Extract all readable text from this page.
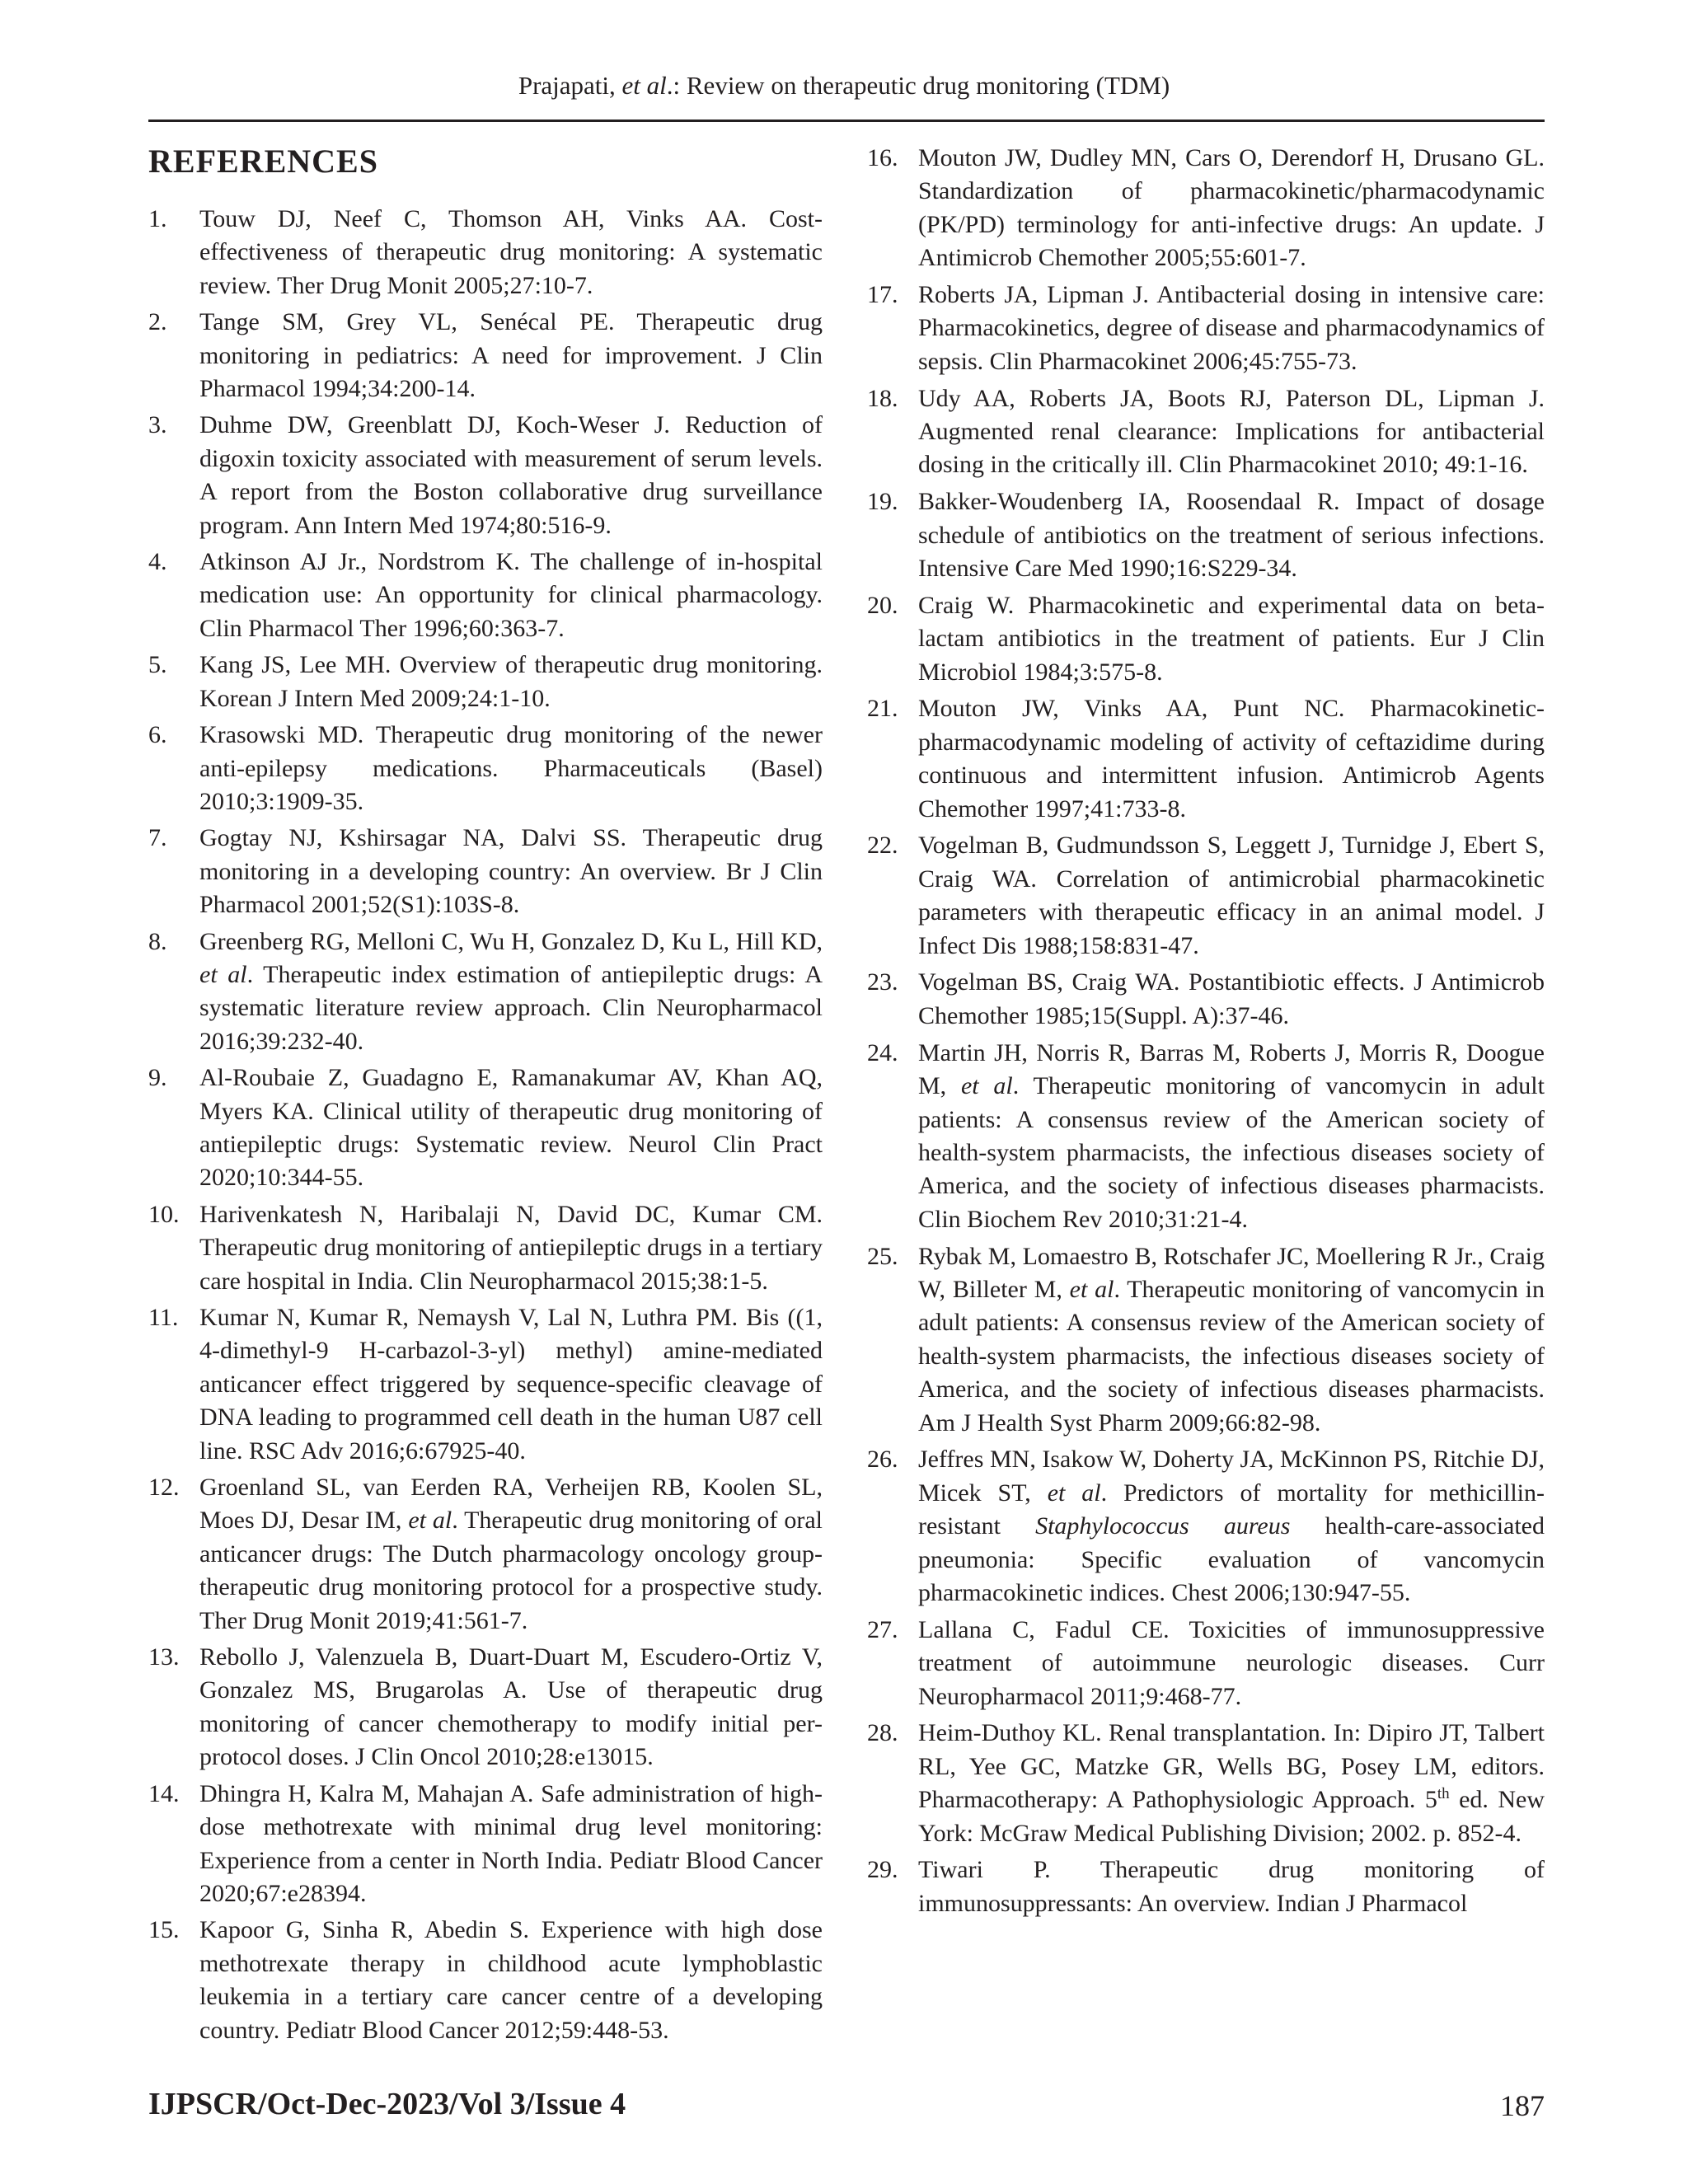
Prajapati, et al.: Review on therapeutic drug monitoring (TDM)
REFERENCES
1. Touw DJ, Neef C, Thomson AH, Vinks AA. Cost-effectiveness of therapeutic drug monitoring: A systematic review. Ther Drug Monit 2005;27:10-7.
2. Tange SM, Grey VL, Senécal PE. Therapeutic drug monitoring in pediatrics: A need for improvement. J Clin Pharmacol 1994;34:200-14.
3. Duhme DW, Greenblatt DJ, Koch-Weser J. Reduction of digoxin toxicity associated with measurement of serum levels. A report from the Boston collaborative drug surveillance program. Ann Intern Med 1974;80:516-9.
4. Atkinson AJ Jr., Nordstrom K. The challenge of in-hospital medication use: An opportunity for clinical pharmacology. Clin Pharmacol Ther 1996;60:363-7.
5. Kang JS, Lee MH. Overview of therapeutic drug monitoring. Korean J Intern Med 2009;24:1-10.
6. Krasowski MD. Therapeutic drug monitoring of the newer anti-epilepsy medications. Pharmaceuticals (Basel) 2010;3:1909-35.
7. Gogtay NJ, Kshirsagar NA, Dalvi SS. Therapeutic drug monitoring in a developing country: An overview. Br J Clin Pharmacol 2001;52(S1):103S-8.
8. Greenberg RG, Melloni C, Wu H, Gonzalez D, Ku L, Hill KD, et al. Therapeutic index estimation of antiepileptic drugs: A systematic literature review approach. Clin Neuropharmacol 2016;39:232-40.
9. Al-Roubaie Z, Guadagno E, Ramanakumar AV, Khan AQ, Myers KA. Clinical utility of therapeutic drug monitoring of antiepileptic drugs: Systematic review. Neurol Clin Pract 2020;10:344-55.
10. Harivenkatesh N, Haribalaji N, David DC, Kumar CM. Therapeutic drug monitoring of antiepileptic drugs in a tertiary care hospital in India. Clin Neuropharmacol 2015;38:1-5.
11. Kumar N, Kumar R, Nemaysh V, Lal N, Luthra PM. Bis ((1, 4-dimethyl-9 H-carbazol-3-yl) methyl) amine-mediated anticancer effect triggered by sequence-specific cleavage of DNA leading to programmed cell death in the human U87 cell line. RSC Adv 2016;6:67925-40.
12. Groenland SL, van Eerden RA, Verheijen RB, Koolen SL, Moes DJ, Desar IM, et al. Therapeutic drug monitoring of oral anticancer drugs: The Dutch pharmacology oncology group-therapeutic drug monitoring protocol for a prospective study. Ther Drug Monit 2019;41:561-7.
13. Rebollo J, Valenzuela B, Duart-Duart M, Escudero-Ortiz V, Gonzalez MS, Brugarolas A. Use of therapeutic drug monitoring of cancer chemotherapy to modify initial per-protocol doses. J Clin Oncol 2010;28:e13015.
14. Dhingra H, Kalra M, Mahajan A. Safe administration of high-dose methotrexate with minimal drug level monitoring: Experience from a center in North India. Pediatr Blood Cancer 2020;67:e28394.
15. Kapoor G, Sinha R, Abedin S. Experience with high dose methotrexate therapy in childhood acute lymphoblastic leukemia in a tertiary care cancer centre of a developing country. Pediatr Blood Cancer 2012;59:448-53.
16. Mouton JW, Dudley MN, Cars O, Derendorf H, Drusano GL. Standardization of pharmacokinetic/pharmacodynamic (PK/PD) terminology for anti-infective drugs: An update. J Antimicrob Chemother 2005;55:601-7.
17. Roberts JA, Lipman J. Antibacterial dosing in intensive care: Pharmacokinetics, degree of disease and pharmacodynamics of sepsis. Clin Pharmacokinet 2006;45:755-73.
18. Udy AA, Roberts JA, Boots RJ, Paterson DL, Lipman J. Augmented renal clearance: Implications for antibacterial dosing in the critically ill. Clin Pharmacokinet 2010; 49:1-16.
19. Bakker-Woudenberg IA, Roosendaal R. Impact of dosage schedule of antibiotics on the treatment of serious infections. Intensive Care Med 1990;16:S229-34.
20. Craig W. Pharmacokinetic and experimental data on beta-lactam antibiotics in the treatment of patients. Eur J Clin Microbiol 1984;3:575-8.
21. Mouton JW, Vinks AA, Punt NC. Pharmacokinetic-pharmacodynamic modeling of activity of ceftazidime during continuous and intermittent infusion. Antimicrob Agents Chemother 1997;41:733-8.
22. Vogelman B, Gudmundsson S, Leggett J, Turnidge J, Ebert S, Craig WA. Correlation of antimicrobial pharmacokinetic parameters with therapeutic efficacy in an animal model. J Infect Dis 1988;158:831-47.
23. Vogelman BS, Craig WA. Postantibiotic effects. J Antimicrob Chemother 1985;15(Suppl. A):37-46.
24. Martin JH, Norris R, Barras M, Roberts J, Morris R, Doogue M, et al. Therapeutic monitoring of vancomycin in adult patients: A consensus review of the American society of health-system pharmacists, the infectious diseases society of America, and the society of infectious diseases pharmacists. Clin Biochem Rev 2010;31:21-4.
25. Rybak M, Lomaestro B, Rotschafer JC, Moellering R Jr., Craig W, Billeter M, et al. Therapeutic monitoring of vancomycin in adult patients: A consensus review of the American society of health-system pharmacists, the infectious diseases society of America, and the society of infectious diseases pharmacists. Am J Health Syst Pharm 2009;66:82-98.
26. Jeffres MN, Isakow W, Doherty JA, McKinnon PS, Ritchie DJ, Micek ST, et al. Predictors of mortality for methicillin-resistant Staphylococcus aureus health-care-associated pneumonia: Specific evaluation of vancomycin pharmacokinetic indices. Chest 2006;130:947-55.
27. Lallana C, Fadul CE. Toxicities of immunosuppressive treatment of autoimmune neurologic diseases. Curr Neuropharmacol 2011;9:468-77.
28. Heim-Duthoy KL. Renal transplantation. In: Dipiro JT, Talbert RL, Yee GC, Matzke GR, Wells BG, Posey LM, editors. Pharmacotherapy: A Pathophysiologic Approach. 5th ed. New York: McGraw Medical Publishing Division; 2002. p. 852-4.
29. Tiwari P. Therapeutic drug monitoring of immunosuppressants: An overview. Indian J Pharmacol
IJPSCR/Oct-Dec-2023/Vol 3/Issue 4	187
